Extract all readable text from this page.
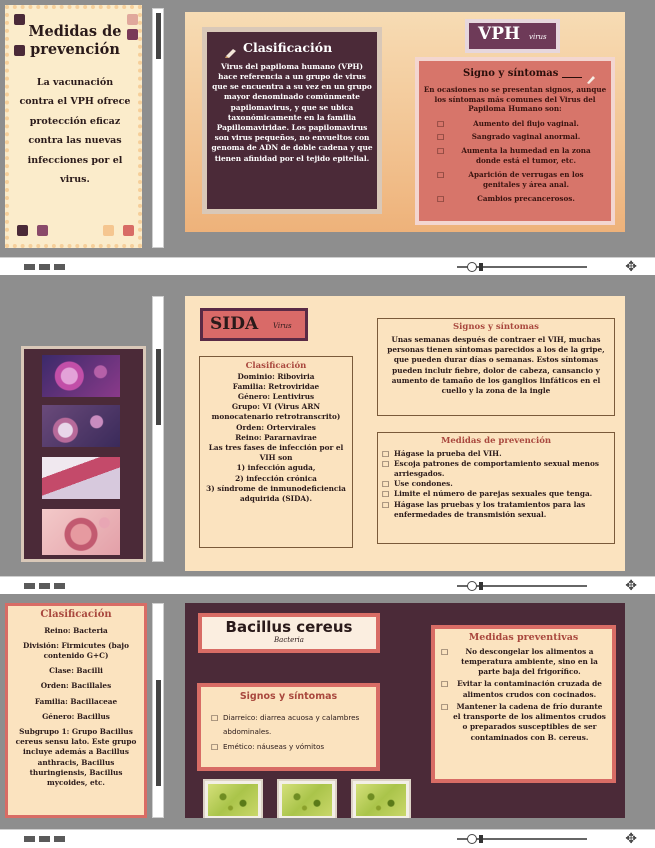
Medidas de prevención
La vacunación contra el VPH ofrece protección eficaz contra las nuevas infecciones por el virus.
Clasificación
Virus del papiloma humano (VPH) hace referencia a un grupo de virus que se encuentra a su vez en un grupo mayor denominado comúnmente papilomavirus, y que se ubica taxonómicamente en la familia Papillomaviridae. Los papilomavirus son virus pequeños, no envueltos con genoma de ADN de doble cadena y que tienen afinidad por el tejido epitelial.
VPH virus
Signo y síntomas
En ocasiones no se presentan signos, aunque los síntomas más comunes del Virus del Papiloma Humano son:
☐ Aumento del flujo vaginal.
☐ Sangrado vaginal anormal.
☐ Aumenta la humedad en la zona donde está el tumor, etc.
☐ Aparición de verrugas en los genitales y área anal.
☐ Cambios precancerosos.
✥
SIDA Virus
Clasificación
Dominio: Riboviria
Familia: Retroviridae
Género: Lentivirus
Grupo: VI (Virus ARN monocatenario retrotranscrito)
Orden: Ortervirales
Reino: Pararnavirae
Las tres fases de infección por el VIH son
1) infección aguda,
2) infección crónica
3) síndrome de inmunodeficiencia adquirida (SIDA).
Signos y síntomas
Unas semanas después de contraer el VIH, muchas personas tienen síntomas parecidos a los de la gripe, que pueden durar días o semanas. Estos síntomas pueden incluir fiebre, dolor de cabeza, cansancio y aumento de tamaño de los ganglios linfáticos en el cuello y la zona de la ingle
Medidas de prevención
☐ Hágase la prueba del VIH.
☐ Escoja patrones de comportamiento sexual menos arriesgados.
☐ Use condones.
☐ Limite el número de parejas sexuales que tenga.
☐ Hágase las pruebas y los tratamientos para las enfermedades de transmisión sexual.
✥
Clasificación
Reino: Bacteria
División: Firmicutes (bajo contenido G+C)
Clase: Bacilli
Orden: Bacillales
Familia: Bacillaceae
Género: Bacillus
Subgrupo 1: Grupo Bacillus cereus sensu lato. Este grupo incluye además a Bacillus anthracis, Bacillus thuringiensis, Bacillus mycoides, etc.
Bacillus cereus
Bacteria
Signos y síntomas
☐ Diarreico: diarrea acuosa y calambres abdominales.
☐ Emético: náuseas y vómitos
Medidas preventivas
☐ No descongelar los alimentos a temperatura ambiente, sino en la parte baja del frigorífico.
☐ Evitar la contaminación cruzada de alimentos crudos con cocinados.
☐ Mantener la cadena de frío durante el transporte de los alimentos crudos o preparados susceptibles de ser contaminados con B. cereus.
✥
